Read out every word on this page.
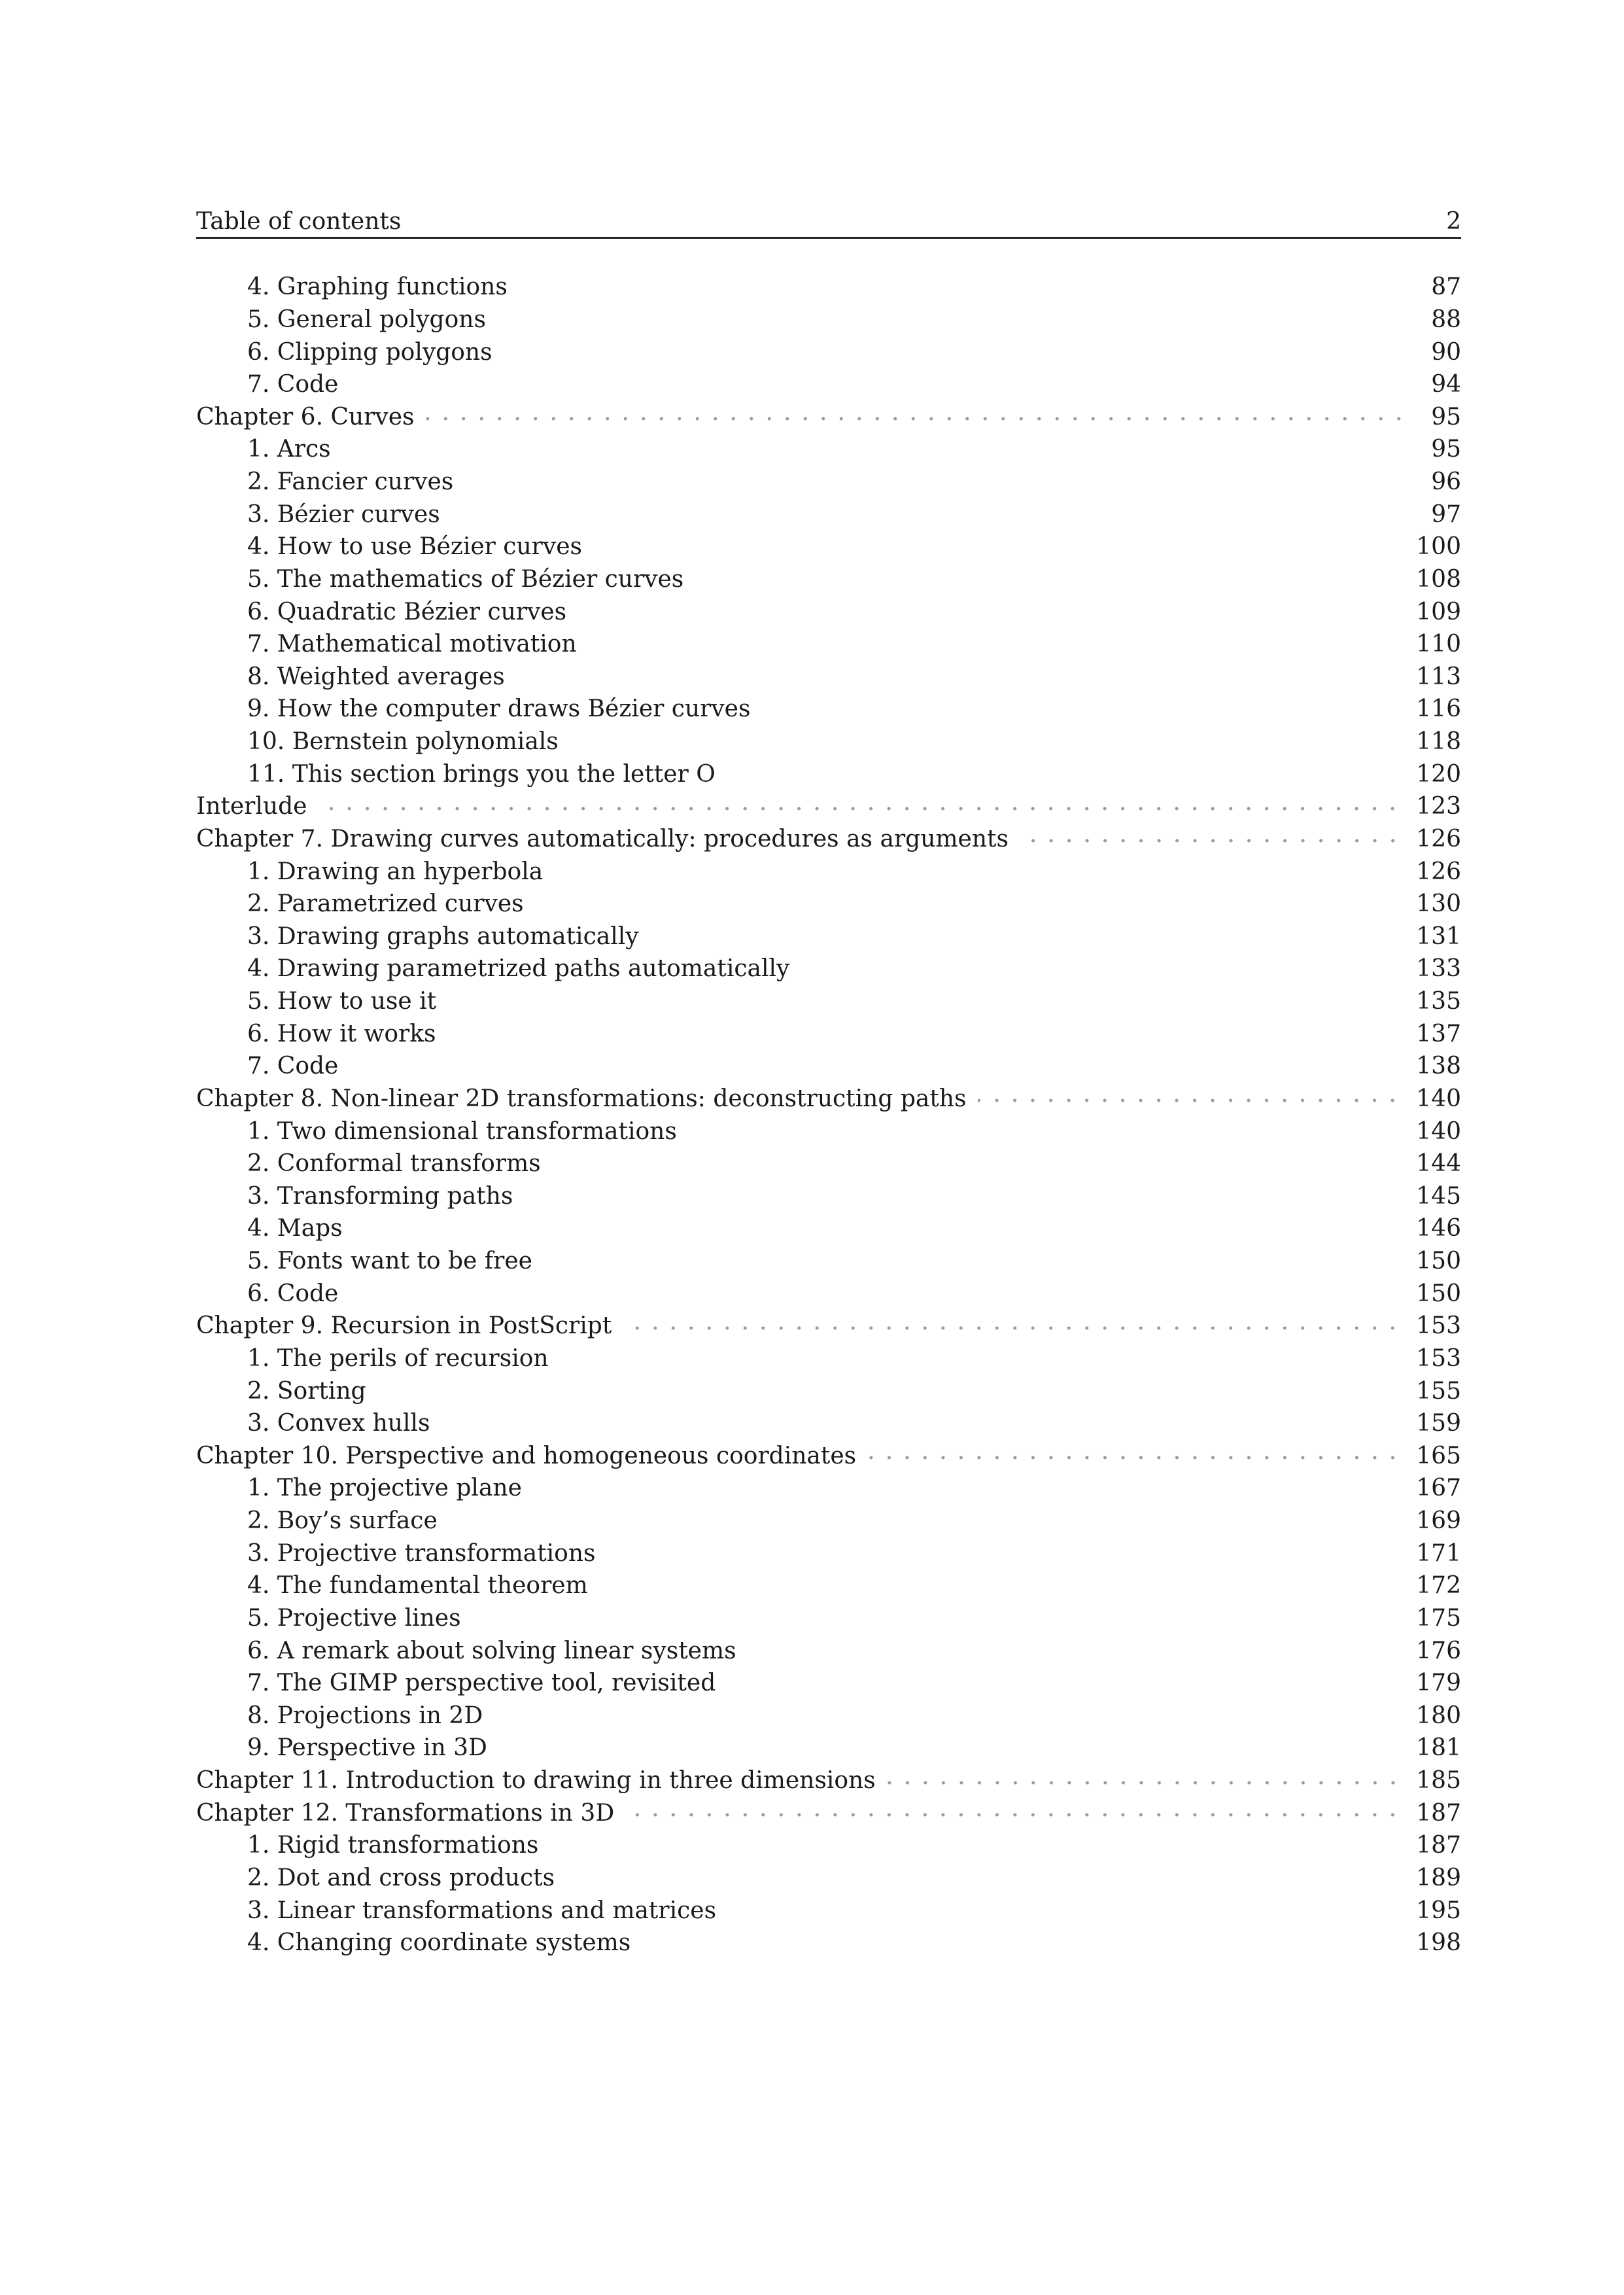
Table of contents	2
4. Graphing functions	87
5. General polygons	88
6. Clipping polygons	90
7. Code	94
Chapter 6. Curves	95
1. Arcs	95
2. Fancier curves	96
3. Bézier curves	97
4. How to use Bézier curves	100
5. The mathematics of Bézier curves	108
6. Quadratic Bézier curves	109
7. Mathematical motivation	110
8. Weighted averages	113
9. How the computer draws Bézier curves	116
10. Bernstein polynomials	118
11. This section brings you the letter O	120
Interlude	123
Chapter 7. Drawing curves automatically: procedures as arguments	126
1. Drawing an hyperbola	126
2. Parametrized curves	130
3. Drawing graphs automatically	131
4. Drawing parametrized paths automatically	133
5. How to use it	135
6. How it works	137
7. Code	138
Chapter 8. Non-linear 2D transformations: deconstructing paths	140
1. Two dimensional transformations	140
2. Conformal transforms	144
3. Transforming paths	145
4. Maps	146
5. Fonts want to be free	150
6. Code	150
Chapter 9. Recursion in PostScript	153
1. The perils of recursion	153
2. Sorting	155
3. Convex hulls	159
Chapter 10. Perspective and homogeneous coordinates	165
1. The projective plane	167
2. Boy’s surface	169
3. Projective transformations	171
4. The fundamental theorem	172
5. Projective lines	175
6. A remark about solving linear systems	176
7. The GIMP perspective tool, revisited	179
8. Projections in 2D	180
9. Perspective in 3D	181
Chapter 11. Introduction to drawing in three dimensions	185
Chapter 12. Transformations in 3D	187
1. Rigid transformations	187
2. Dot and cross products	189
3. Linear transformations and matrices	195
4. Changing coordinate systems	198
